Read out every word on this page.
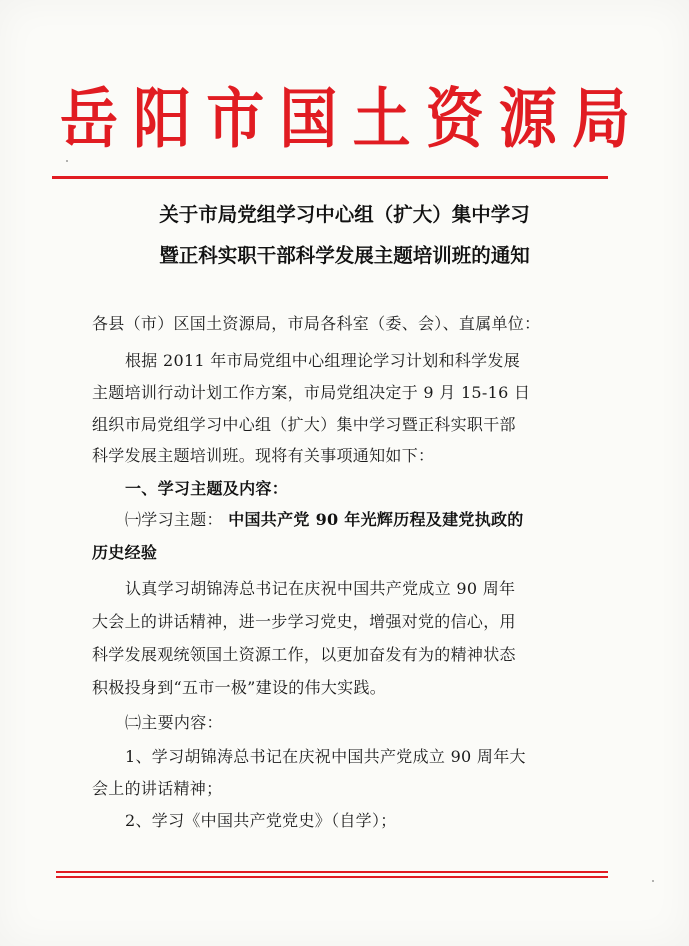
岳 阳 市 国 土 资 源 局
关于市局党组学习中心组（扩大）集中学习
暨正科实职干部科学发展主题培训班的通知
各县（市）区国土资源局，市局各科室（委、会）、直属单位：
根据 2011 年市局党组中心组理论学习计划和科学发展
主题培训行动计划工作方案，市局党组决定于 9 月 15-16 日
组织市局党组学习中心组（扩大）集中学习暨正科实职干部
科学发展主题培训班。现将有关事项通知如下：
一、学习主题及内容：
㈠学习主题： 中国共产党 90 年光辉历程及建党执政的
历史经验
认真学习胡锦涛总书记在庆祝中国共产党成立 90 周年
大会上的讲话精神，进一步学习党史，增强对党的信心，用
科学发展观统领国土资源工作，以更加奋发有为的精神状态
积极投身到“五市一极”建设的伟大实践。
㈡主要内容：
1、学习胡锦涛总书记在庆祝中国共产党成立 90 周年大
会上的讲话精神；
2、学习《中国共产党党史》（自学）；
